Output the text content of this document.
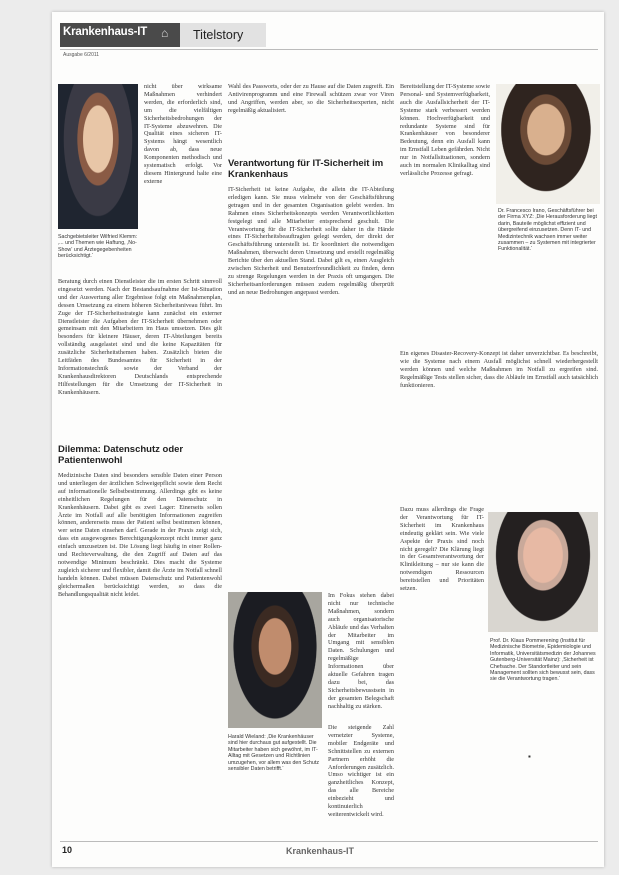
Krankenhaus-IT ⌂
Ausgabe 6/2011
Titelstory
Sachgebietsleiter Wilfried Klemm: ‚... und Themen wie Haftung, ‚No-Show‘ und Ärztegegebenheiten berücksichtigt.‘
nicht über wirksame Maßnahmen verhindert werden, die erforderlich sind, um die vielfältigen Sicherheitsbedrohungen der IT-Systeme abzuwehren. Die Qualität eines sicheren IT-Systems hängt wesentlich davon ab, dass neue Komponenten methodisch und systematisch erfolgt. Vor diesem Hintergrund halte eine externe
Beratung durch einen Dienstleister die im ersten Schritt sinnvoll eingesetzt werden. Nach der Bestandsaufnahme der Ist-Situation und der Auswertung aller Ergebnisse folgt ein Maßnahmenplan, dessen Umsetzung zu einem höheren Sicherheitsniveau führt. Im Zuge der IT-Sicherheitsstrategie kann zunächst ein externer Dienstleister die Aufgaben der IT-Sicherheit übernehmen oder gemeinsam mit den Mitarbeitern im Haus umsetzen. Dies gilt besonders für kleinere Häuser, deren IT-Abteilungen bereits vollständig ausgelastet sind und die keine Kapazitäten für zusätzliche Sicherheitsthemen haben. Zusätzlich bieten die Leitfäden des Bundesamtes für Sicherheit in der Informationstechnik sowie der Verband der Krankenhausdirektoren Deutschlands entsprechende Hilfestellungen für die Umsetzung der IT-Sicherheit in Krankenhäusern.
Dilemma: Datenschutz oder Patientenwohl
Medizinische Daten sind besonders sensible Daten einer Person und unterliegen der ärztlichen Schweigepflicht sowie dem Recht auf informationelle Selbstbestimmung. Allerdings gibt es keine einheitlichen Regelungen für den Datenschutz in Krankenhäusern. Dabei gibt es zwei Lager: Einerseits sollen Ärzte im Notfall auf alle benötigten Informationen zugreifen können, andererseits muss der Patient selbst bestimmen können, wer seine Daten einsehen darf. Gerade in der Praxis zeigt sich, dass ein ausgewogenes Berechtigungskonzept nicht immer ganz einfach umzusetzen ist. Die Lösung liegt häufig in einer Rollen- und Rechteverwaltung, die den Zugriff auf Daten auf das notwendige Minimum beschränkt. Dies macht die Systeme zugleich sicherer und flexibler, damit die Ärzte im Notfall schnell handeln können. Dabei müssen Datenschutz und Patientenwohl gleichermaßen berücksichtigt werden, so dass die Behandlungsqualität nicht leidet.
Wahl des Passworts, oder der zu Hause auf die Daten zugreift. Ein Antivirenprogramm und eine Firewall schützen zwar vor Viren und Angriffen, werden aber, so die Sicherheitsexperten, nicht regelmäßig aktualisiert.
Verantwortung für IT-Sicherheit im Krankenhaus
IT-Sicherheit ist keine Aufgabe, die allein die IT-Abteilung erledigen kann. Sie muss vielmehr von der Geschäftsführung getragen und in der gesamten Organisation gelebt werden. Im Rahmen eines Sicherheitskonzepts werden Verantwortlichkeiten festgelegt und alle Mitarbeiter entsprechend geschult. Die Verantwortung für die IT-Sicherheit sollte daher in die Hände eines IT-Sicherheitsbeauftragten gelegt werden, der direkt der Geschäftsführung unterstellt ist. Er koordiniert die notwendigen Maßnahmen, überwacht deren Umsetzung und erstellt regelmäßig Berichte über den aktuellen Stand. Dabei gilt es, einen Ausgleich zwischen Sicherheit und Benutzerfreundlichkeit zu finden, denn zu strenge Regelungen werden in der Praxis oft umgangen. Die Sicherheitsanforderungen müssen zudem regelmäßig überprüft und an neue Bedrohungen angepasst werden.
Harald Wieland: ‚Die Krankenhäuser sind hier durchaus gut aufgestellt. Die Mitarbeiter haben sich gewöhnt, im IT-Alltag mit Gesetzen und Richtlinien umzugehen, vor allem was den Schutz sensibler Daten betrifft.‘
Im Fokus stehen dabei nicht nur technische Maßnahmen, sondern auch organisatorische Abläufe und das Verhalten der Mitarbeiter im Umgang mit sensiblen Daten. Schulungen und regelmäßige Informationen über aktuelle Gefahren tragen dazu bei, das Sicherheitsbewusstsein in der gesamten Belegschaft nachhaltig zu stärken.
Die steigende Zahl vernetzter Systeme, mobiler Endgeräte und Schnittstellen zu externen Partnern erhöht die Anforderungen zusätzlich. Umso wichtiger ist ein ganzheitliches Konzept, das alle Bereiche einbezieht und kontinuierlich weiterentwickelt wird.
Bereitstellung der IT-Systeme sowie Personal- und Systemverfügbarkeit, auch die Ausfallsicherheit der IT-Systeme stark verbessert werden können. Hochverfügbarkeit und redundante Systeme sind für Krankenhäuser von besonderer Bedeutung, denn ein Ausfall kann im Ernstfall Leben gefährden. Nicht nur in Notfallsituationen, sondern auch im normalen Klinikalltag sind verlässliche Prozesse gefragt.
Dr. Francesco Irano, Geschäftsführer bei der Firma XYZ: ‚Die Herausforderung liegt darin, Bauteile möglichst effizient und übergreifend einzusetzen. Denn IT- und Medizintechnik wachsen immer weiter zusammen – zu Systemen mit integrierter Funktionalität.‘
Ein eigenes Disaster-Recovery-Konzept ist daher unverzichtbar. Es beschreibt, wie die Systeme nach einem Ausfall möglichst schnell wiederhergestellt werden können und welche Maßnahmen im Notfall zu ergreifen sind. Regelmäßige Tests stellen sicher, dass die Abläufe im Ernstfall auch tatsächlich funktionieren.
Dazu muss allerdings die Frage der Verantwortung für IT-Sicherheit im Krankenhaus eindeutig geklärt sein. Wie viele Aspekte der Praxis sind noch nicht geregelt? Die Klärung liegt in der Gesamtverantwortung der Klinikleitung – nur sie kann die notwendigen Ressourcen bereitstellen und Prioritäten setzen.
▪
Prof. Dr. Klaus Pommerening (Institut für Medizinische Biometrie, Epidemiologie und Informatik, Universitätsmedizin der Johannes Gutenberg-Universität Mainz): ‚Sicherheit ist Chefsache. Der Standortleiter und sein Management sollten sich bewusst sein, dass sie die Verantwortung tragen.‘
10	Krankenhaus-IT
